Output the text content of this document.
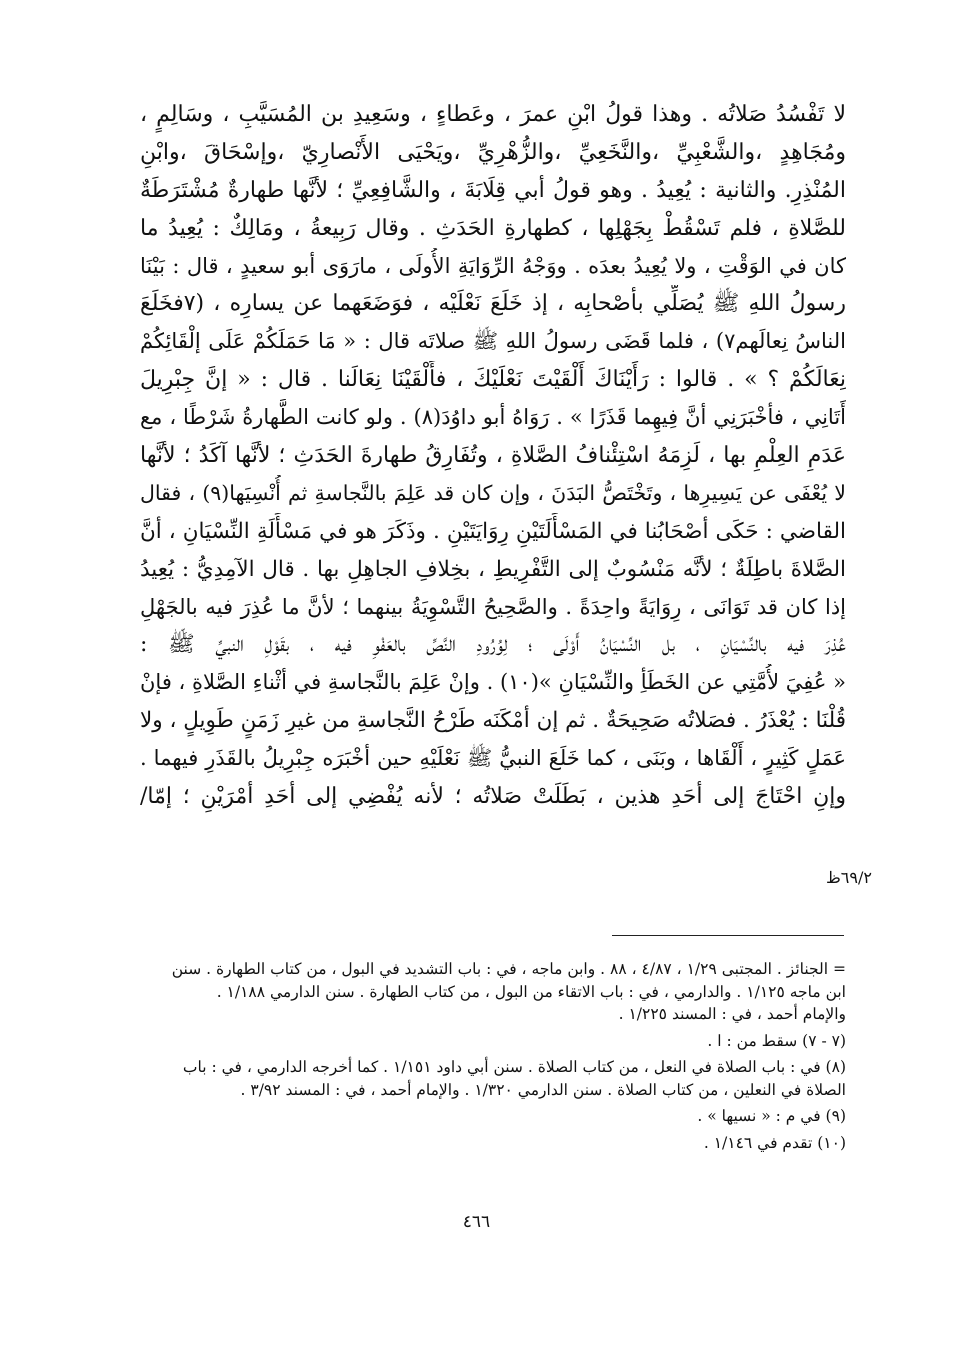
لا تَفْسُدُ صَلاتُه . وهذا قولُ ابْنِ عمرَ ، وعَطاءٍ ، وسَعِيدِ بن المُسَيَّبِ ، وسَالِمٍ ،
ومُجَاهِدٍ ،والشَّعْبِيِّ ،والنَّخَعِيِّ ،والزُّهْرِيِّ ،ويَحْيَى الأَنْصارِيّ ،وإسْحَاقَ ،وابْنِ
المُنْذِرِ. والثانية : يُعِيدُ . وهو قولُ أبي قِلَابَةَ ، والشَّافِعِيِّ ؛ لأنَّها طهارةٌ مُشْتَرَطَةٌ
للصَّلاةِ ، فلم تَسْقُطْ بِجَهْلِها ، كطهارةِ الحَدَثِ . وقال رَبِيعةُ ، ومَالِكٌ : يُعِيدُ ما
كان في الوَقْتِ ، ولا يُعِيدُ بعدَه . ووَجْهُ الرِّوَايَةِ الأُولَى ، مارَوَى أبو سعيدٍ ، قال : بَيْنَا
رسولُ اللهِ ﷺ يُصَلِّي بأصْحابِه ، إذ خَلَعَ نَعْلَيْه ، فوَضَعَهما عن يسارِه ، (٧فخَلَعَ
الناسُ نِعالَهم٧) ، فلما قَضَى رسولُ اللهِ ﷺ صلاتَه قال : « مَا حَمَلَكُمْ عَلَى إلْقَائِكُمْ
نِعَالَكُمْ ؟ » . قالوا : رَأَيْنَاكَ أَلْقَيْتَ نَعْلَيْكَ ، فأَلْقَيْنَا نِعَالَنا . قال : « إنَّ جِبْرِيلَ
أَتَانِي ، فأخْبَرَنِي أنَّ فِيهِما قَذَرًا » . رَوَاهُ أبو داوُدَ(٨) . ولو كانت الطَّهارةُ شَرْطًا ، مع
عَدَمِ العِلْمِ بها ، لَزِمَهُ اسْتِئْنافُ الصَّلاةِ ، وتُفَارِقُ طهارةَ الحَدَثِ ؛ لأنَّها آكَدُ ؛ لأنَّها
لا يُعْفَى عن يَسِيرِها ، وتَخْتَصُّ البَدَنَ ، وإن كان قد عَلِمَ بالنَّجاسةِ ثم أُنْسِيَها(٩) ، فقال
القاضي : حَكَى أصْحَابُنا في المَسْأَلَتَيْنِ رِوَايَتَيْنِ . وذَكَرَ هو في مَسْأَلَةِ النِّسْيَانِ ، أنَّ
الصَّلاةَ باطِلَةٌ ؛ لأنَّه مَنْسُوبٌ إلى التَّفْرِيطِ ، بخِلافِ الجاهِلِ بها . قال الآمِدِيُّ : يُعِيدُ
إذا كان قد تَوَانَى ، رِوَايَةً واحِدَةً . والصَّحِيحُ التَّسْوِيَةُ بينهما ؛ لأنَّ ما عُذِرَ فيه بالجَهْلِ
عُذِرَ فيه بالنِّسْيَانِ ، بل النِّسْيَانُ أَوْلَى ؛ لِوُرُودِ النَّصِّ بالعَفْوِ فيه ، بقَوْلِ النبيِّ ﷺ :
« عُفِيَ لأُمَّتِي عن الخَطَأِ والنِّسْيَانِ »(١٠) . وإنْ عَلِمَ بالنَّجاسةِ في أثْناءِ الصَّلاةِ ، فإنْ
قُلْنَا : يُعْذَرُ . فصَلاتُه صَحِيحَةٌ . ثم إن أمْكَنَه طَرْحُ النَّجاسةِ من غيرِ زَمَنٍ طَوِيلٍ ، ولا
عَمَلٍ كَثِيرٍ ، أَلْقَاها ، وبَنَى ، كما خَلَعَ النبيُّ ﷺ نَعْلَيْهِ حين أخْبَرَه جِبْرِيلُ بالقَذَرِ فيهما .
وإنِ احْتَاجَ إلى أحَدِ هذين ، بَطَلَتْ صَلاتُه ؛ لأنه يُفْضِي إلى أحَدِ أمْرَيْنِ ؛ إمّا/
٦٩/٢ظ
= الجنائز . المجتبى ١/٢٩ ، ٤/٨٧ ، ٨٨ . وابن ماجه ، في : باب التشديد في البول ، من كتاب الطهارة . سنن
ابن ماجه ١/١٢٥ . والدارمي ، في : باب الاتقاء من البول ، من كتاب الطهارة . سنن الدارمي ١/١٨٨ .
والإمام أحمد ، في : المسند ١/٢٢٥ .
(٧ - ٧) سقط من : ا .
(٨) في : باب الصلاة في النعل ، من كتاب الصلاة . سنن أبي داود ١/١٥١ . كما أخرجه الدارمي ، في : باب
الصلاة في النعلين ، من كتاب الصلاة . سنن الدارمي ١/٣٢٠ . والإمام أحمد ، في : المسند ٣/٩٢ .
(٩) في م : « نسيها » .
(١٠) تقدم في ١/١٤٦ .
٤٦٦
